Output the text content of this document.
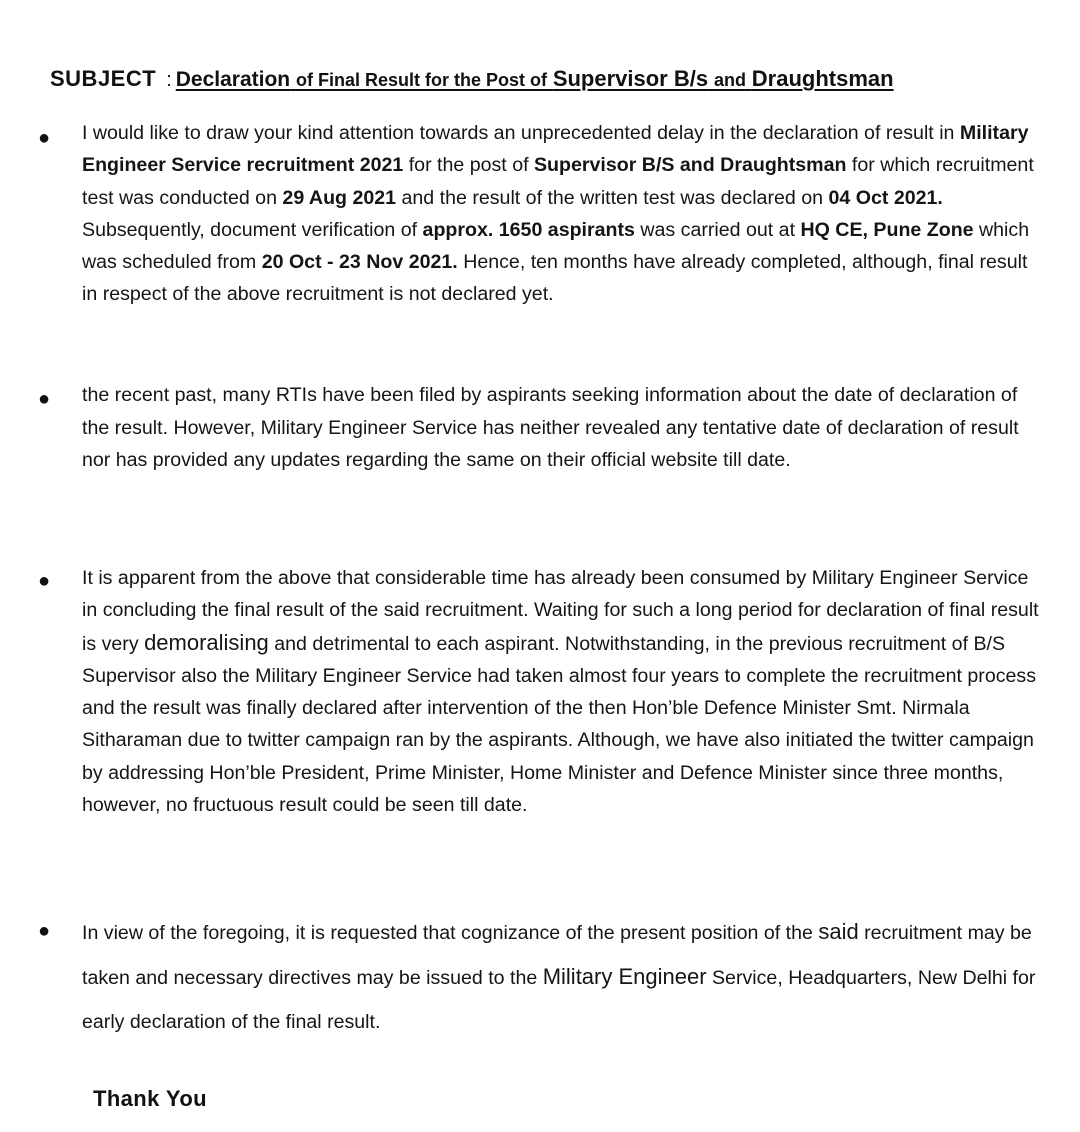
SUBJECT : Declaration of Final Result for the Post of Supervisor B/s and Draughtsman
● I would like to draw your kind attention towards an unprecedented delay in the declaration of result in Military Engineer Service recruitment 2021 for the post of Supervisor B/S and Draughtsman for which recruitment test was conducted on 29 Aug 2021 and the result of the written test was declared on 04 Oct 2021. Subsequently, document verification of approx. 1650 aspirants was carried out at HQ CE, Pune Zone which was scheduled from 20 Oct - 23 Nov 2021. Hence, ten months have already completed, although, final result in respect of the above recruitment is not declared yet.

● the recent past, many RTIs have been filed by aspirants seeking information about the date of declaration of the result. However, Military Engineer Service has neither revealed any tentative date of declaration of result nor has provided any updates regarding the same on their official website till date.

● It is apparent from the above that considerable time has already been consumed by Military Engineer Service in concluding the final result of the said recruitment. Waiting for such a long period for declaration of final result is very demoralising and detrimental to each aspirant. Notwithstanding, in the previous recruitment of B/S Supervisor also the Military Engineer Service had taken almost four years to complete the recruitment process and the result was finally declared after intervention of the then Hon’ble Defence Minister Smt. Nirmala Sitharaman due to twitter campaign ran by the aspirants. Although, we have also initiated the twitter campaign by addressing Hon’ble President, Prime Minister, Home Minister and Defence Minister since three months, however, no fructuous result could be seen till date.

● In view of the foregoing, it is requested that cognizance of the present position of the said recruitment may be taken and necessary directives may be issued to the Military Engineer Service, Headquarters, New Delhi for early declaration of the final result.

Thank You
